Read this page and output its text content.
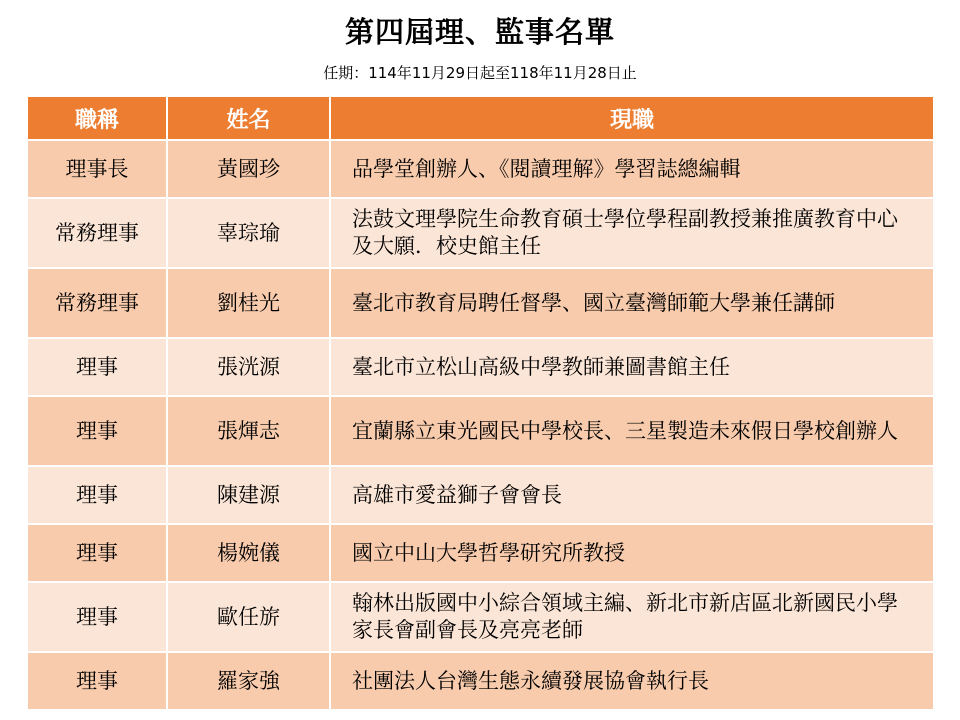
第四屆理、監事名單
任期：114年11月29日起至118年11月28日止
職稱	姓名	現職
理事長	黃國珍	品學堂創辦人、《閱讀理解》學習誌總編輯
常務理事	辜琮瑜	法鼓文理學院生命教育碩士學位學程副教授兼推廣教育中心及大願．校史館主任
常務理事	劉桂光	臺北市教育局聘任督學、國立臺灣師範大學兼任講師
理事	張洸源	臺北市立松山高級中學教師兼圖書館主任
理事	張煇志	宜蘭縣立東光國民中學校長、三星製造未來假日學校創辦人
理事	陳建源	高雄市愛益獅子會會長
理事	楊婉儀	國立中山大學哲學研究所教授
理事	歐任旂	翰林出版國中小綜合領域主編、新北市新店區北新國民小學家長會副會長及亮亮老師
理事	羅家強	社團法人台灣生態永續發展協會執行長
